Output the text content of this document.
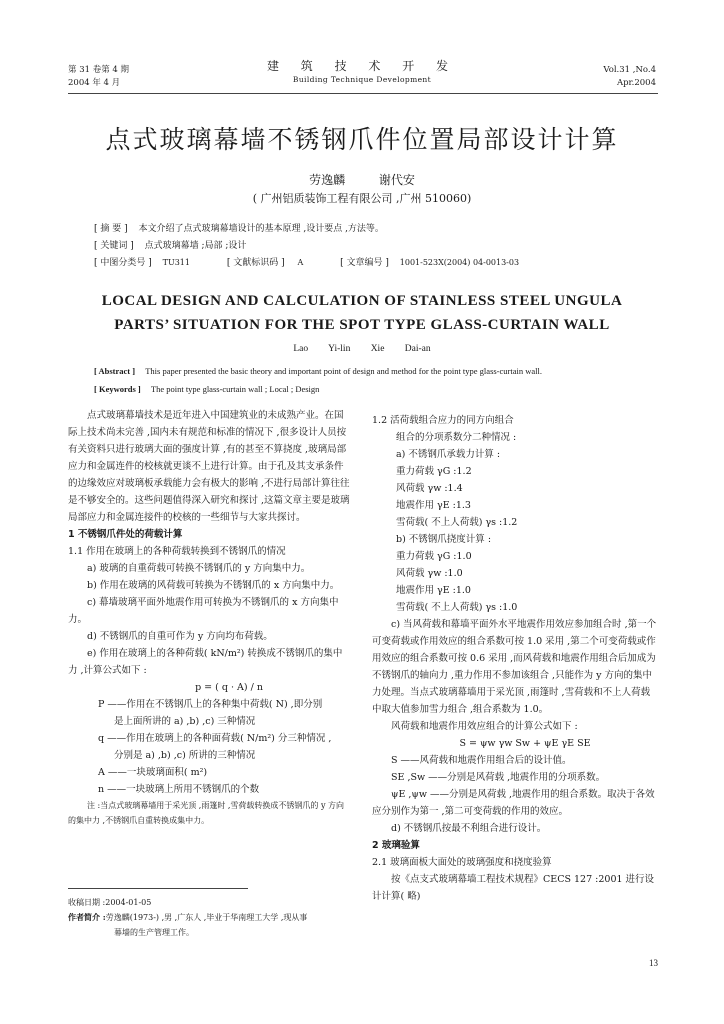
第 31 卷第 4 期
2004 年 4 月
建 筑 技 术 开 发
Building Technique Development
Vol.31 ,No.4
Apr.2004
点式玻璃幕墙不锈钢爪件位置局部设计计算
劳逸麟 谢代安
( 广州铝质装饰工程有限公司 ,广州 510060)
[ 摘 要 ] 本文介绍了点式玻璃幕墙设计的基本原理 ,设计要点 ,方法等。
[ 关键词 ] 点式玻璃幕墙 ;局部 ;设计
[ 中图分类号 ] TU311	[ 文献标识码 ] A	[ 文章编号 ] 1001-523X(2004) 04-0013-03
LOCAL DESIGN AND CALCULATION OF STAINLESS STEEL UNGULA
PARTS’ SITUATION FOR THE SPOT TYPE GLASS-CURTAIN WALL
Lao Yi-lin Xie Dai-an
[ Abstract ] This paper presented the basic theory and important point of design and method for the point type glass-curtain wall.
[ Keywords ] The point type glass-curtain wall ; Local ; Design

点式玻璃幕墙技术是近年进入中国建筑业的未成熟产业。在国际上技术尚未完善 ,国内未有规范和标准的情况下 ,很多设计人员按有关资料只进行玻璃大面的强度计算 ,有的甚至不算挠度 ,玻璃局部应力和金属连件的校核就更谈不上进行计算。由于孔及其支承条件的边缘效应对玻璃板承载能力会有极大的影响 ,不进行局部计算往往是不够安全的。这些问题值得深入研究和探讨 ,这篇文章主要是玻璃局部应力和金属连接件的校核的一些细节与大家共探讨。

1 不锈钢爪件处的荷载计算

1.1 作用在玻璃上的各种荷载转换到不锈钢爪的情况

a) 玻璃的自重荷载可转换不锈钢爪的 y 方向集中力。

b) 作用在玻璃的风荷载可转换为不锈钢爪的 x 方向集中力。

c) 幕墙玻璃平面外地震作用可转换为不锈钢爪的 x 方向集中力。

d) 不锈钢爪的自重可作为 y 方向均布荷载。

e) 作用在玻璃上的各种荷载( kN/m²) 转换成不锈钢爪的集中力 ,计算公式如下 :

p = ( q · A) / n

P ——作用在不锈钢爪上的各种集中荷载( N) ,即分别

是上面所讲的 a) ,b) ,c) 三种情况

q ——作用在玻璃上的各种面荷载( N/m²) 分三种情况 ,

分别是 a) ,b) ,c) 所讲的三种情况

A ——一块玻璃面积( m²)

n ——一块玻璃上所用不锈钢爪的个数

注 :当点式玻璃幕墙用于采光顶 ,雨篷时 ,雪荷载转换成不锈钢爪的 y 方向的集中力 ,不锈钢爪自重转换成集中力。

收稿日期 :2004-01-05
作者简介 :劳逸麟(1973-) ,男 ,广东人 ,毕业于华南理工大学 ,现从事
幕墙的生产管理工作。

1.2 活荷载组合应力的同方向组合

组合的分项系数分二种情况 :

a) 不锈钢爪承载力计算 :

重力荷载 γG :1.2

风荷载 γw :1.4

地震作用 γE :1.3

雪荷载( 不上人荷载) γs :1.2

b) 不锈钢爪挠度计算 :

重力荷载 γG :1.0

风荷载 γw :1.0

地震作用 γE :1.0

雪荷载( 不上人荷载) γs :1.0

c) 当风荷载和幕墙平面外水平地震作用效应参加组合时 ,第一个可变荷载或作用效应的组合系数可按 1.0 采用 ,第二个可变荷载或作用效应的组合系数可按 0.6 采用 ,而风荷载和地震作用组合后加成为不锈钢爪的轴向力 ,重力作用不参加该组合 ,只能作为 y 方向的集中力处理。当点式玻璃幕墙用于采光顶 ,雨篷时 ,雪荷载和不上人荷载中取大值参加雪力组合 ,组合系数为 1.0。

风荷载和地震作用效应组合的计算公式如下 :

S = ψw γw Sw + ψE γE SE

S ——风荷载和地震作用组合后的设计值。

SE ,Sw ——分别是风荷载 ,地震作用的分项系数。

ψE ,ψw ——分别是风荷载 ,地震作用的组合系数。取决于各效应分别作为第一 ,第二可变荷载的作用的效应。

d) 不锈钢爪按最不利组合进行设计。

2 玻璃验算

2.1 玻璃面板大面处的玻璃强度和挠度验算

按《点支式玻璃幕墙工程技术规程》CECS 127 :2001 进行设计计算( 略)

13
